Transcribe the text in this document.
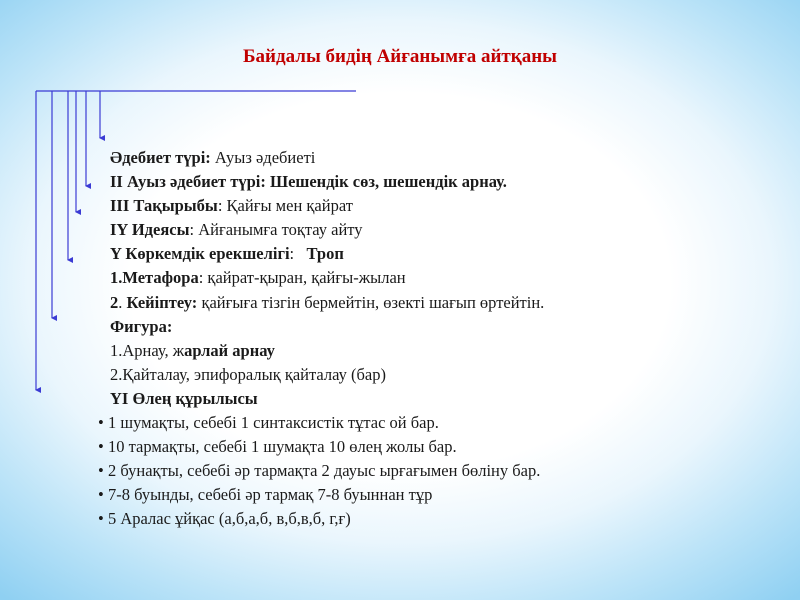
Байдалы бидің Айғанымға айтқаны
Әдебиет түрі: Ауыз әдебиеті
ІІ Ауыз әдебиет түрі: Шешендік сөз, шешендік арнау.
ІІІ Тақырыбы: Қайғы мен қайрат
ІY Идеясы: Айғанымға тоқтау айту
Y Көркемдік ерекшелігі:   Троп
1.Метафора: қайрат-қыран, қайғы-жылан
2. Кейіптеу: қайғыға тізгін бермейтін, өзекті шағып өртейтін.
Фигура:
1.Арнау, жарлай арнау
2.Қайталау, эпифоралық қайталау (бар)
YI Өлең құрылысы
• 1 шумақты, себебі 1 синтаксистік тұтас ой бар.
• 10 тармақты, себебі 1 шумақта 10 өлең жолы бар.
• 2 бунақты, себебі әр тармақта 2 дауыс ырғағымен бөліну бар.
• 7-8 буынды, себебі әр тармақ 7-8 буыннан тұр
• 5 Аралас ұйқас (а,б,а,б, в,б,в,б, г,ғ)
